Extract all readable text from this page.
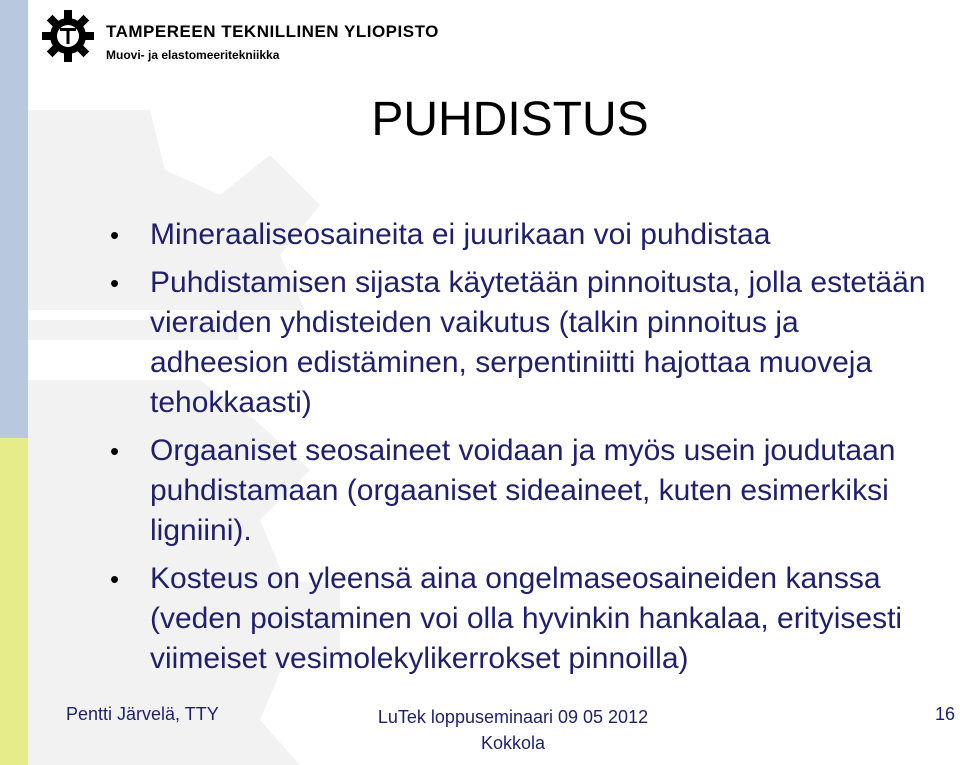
TAMPEREEN TEKNILLINEN YLIOPISTO
Muovi- ja elastomeeritekniikka
PUHDISTUS
•	Mineraaliseosaineita ei juurikaan voi puhdistaa
•	Puhdistamisen sijasta käytetään pinnoitusta, jolla estetään vieraiden yhdisteiden vaikutus (talkin pinnoitus ja adheesion edistäminen, serpentiniitti hajottaa muoveja tehokkaasti)
•	Orgaaniset seosaineet voidaan ja myös usein joudutaan puhdistamaan (orgaaniset sideaineet, kuten esimerkiksi ligniini).
•	Kosteus on yleensä aina ongelmaseosaineiden kanssa (veden poistaminen voi olla hyvinkin hankalaa, erityisesti viimeiset vesimolekylikerrokset pinnoilla)
Pentti Järvelä, TTY	LuTek loppuseminaari 09 05 2012
Kokkola
16
